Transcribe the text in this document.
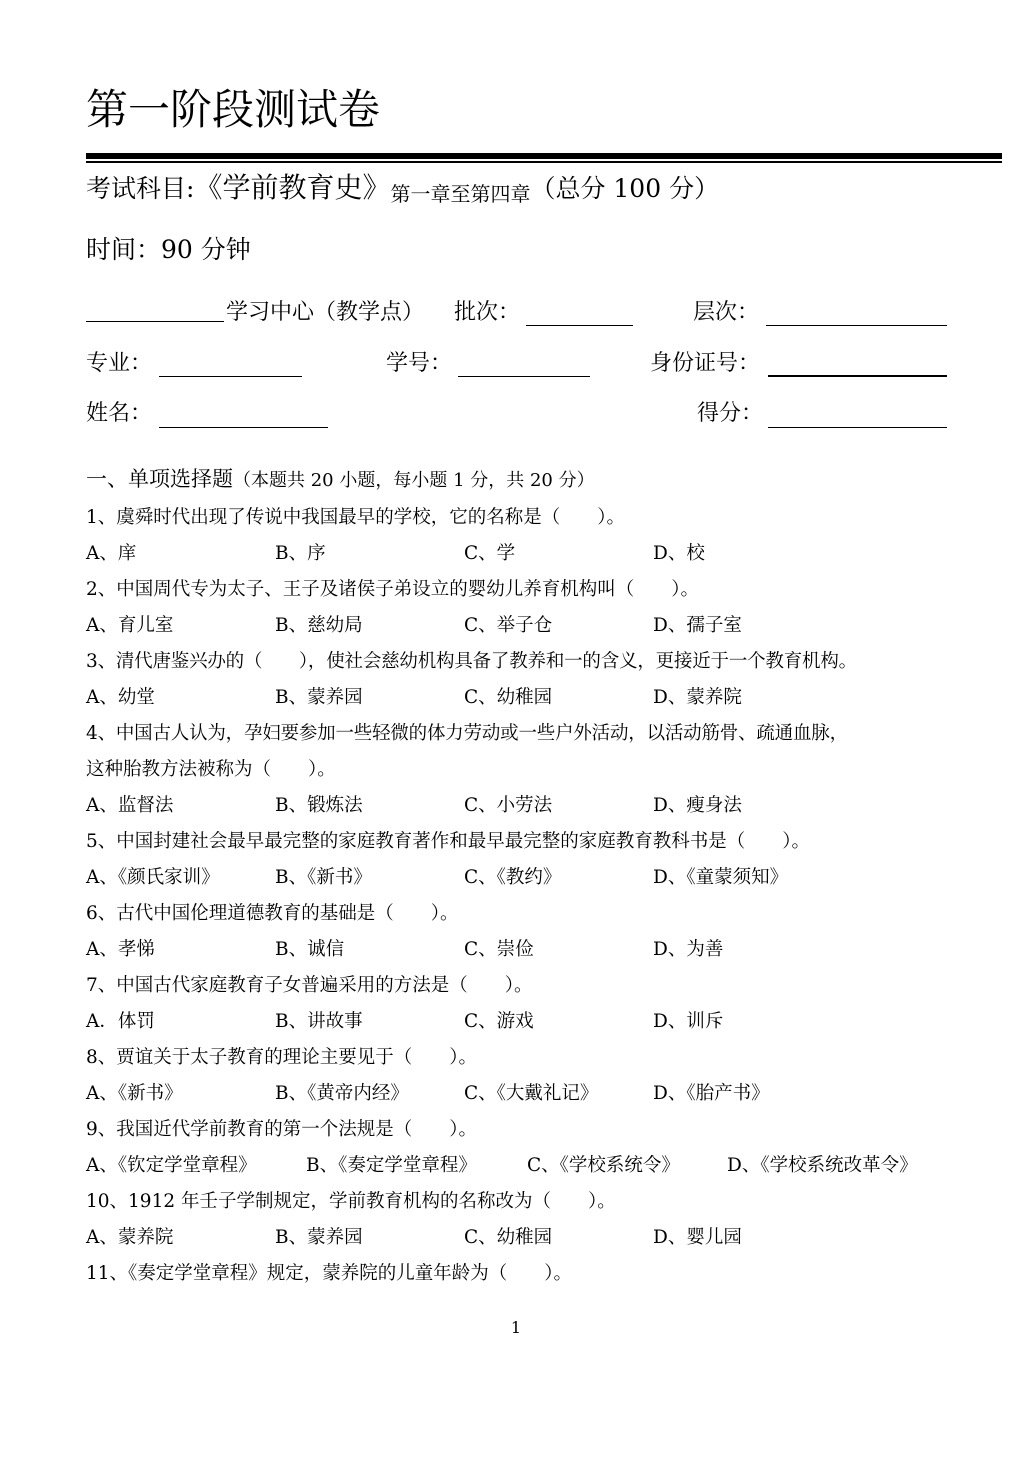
第一阶段测试卷
考试科目:《学前教育史》第一章至第四章（总分 100 分）
时间：90 分钟
学习中心（教学点） 批次：	层次：
专业：	学号：	身份证号：
姓名：	得分：
一、单项选择题（本题共 20 小题，每小题 1 分，共 20 分）
1、虞舜时代出现了传说中我国最早的学校，它的名称是（　　）。
A、庠	B、序	C、学	D、校
2、中国周代专为太子、王子及诸侯子弟设立的婴幼儿养育机构叫（　　）。
A、育儿室	B、慈幼局	C、举子仓	D、孺子室
3、清代唐鉴兴办的（　　），使社会慈幼机构具备了教养和一的含义，更接近于一个教育机构。
A、幼堂	B、蒙养园	C、幼稚园	D、蒙养院
4、中国古人认为，孕妇要参加一些轻微的体力劳动或一些户外活动，以活动筋骨、疏通血脉，
这种胎教方法被称为（　　）。
A、监督法	B、锻炼法	C、小劳法	D、瘦身法
5、中国封建社会最早最完整的家庭教育著作和最早最完整的家庭教育教科书是（　　）。
A、《颜氏家训》	B、《新书》	C、《教约》	D、《童蒙须知》
6、古代中国伦理道德教育的基础是（　　）。
A、孝悌	B、诚信	C、崇俭	D、为善
7、中国古代家庭教育子女普遍采用的方法是（　　）。
A．体罚	B、讲故事	C、游戏	D、训斥
8、贾谊关于太子教育的理论主要见于（　　）。
A、《新书》	B、《黄帝内经》	C、《大戴礼记》	D、《胎产书》
9、我国近代学前教育的第一个法规是（　　）。
A、《钦定学堂章程》	B、《奏定学堂章程》	C、《学校系统令》	D、《学校系统改革令》
10、1912 年壬子学制规定，学前教育机构的名称改为（　　）。
A、蒙养院	B、蒙养园	C、幼稚园	D、婴儿园
11、《奏定学堂章程》规定，蒙养院的儿童年龄为（　　）。
1
